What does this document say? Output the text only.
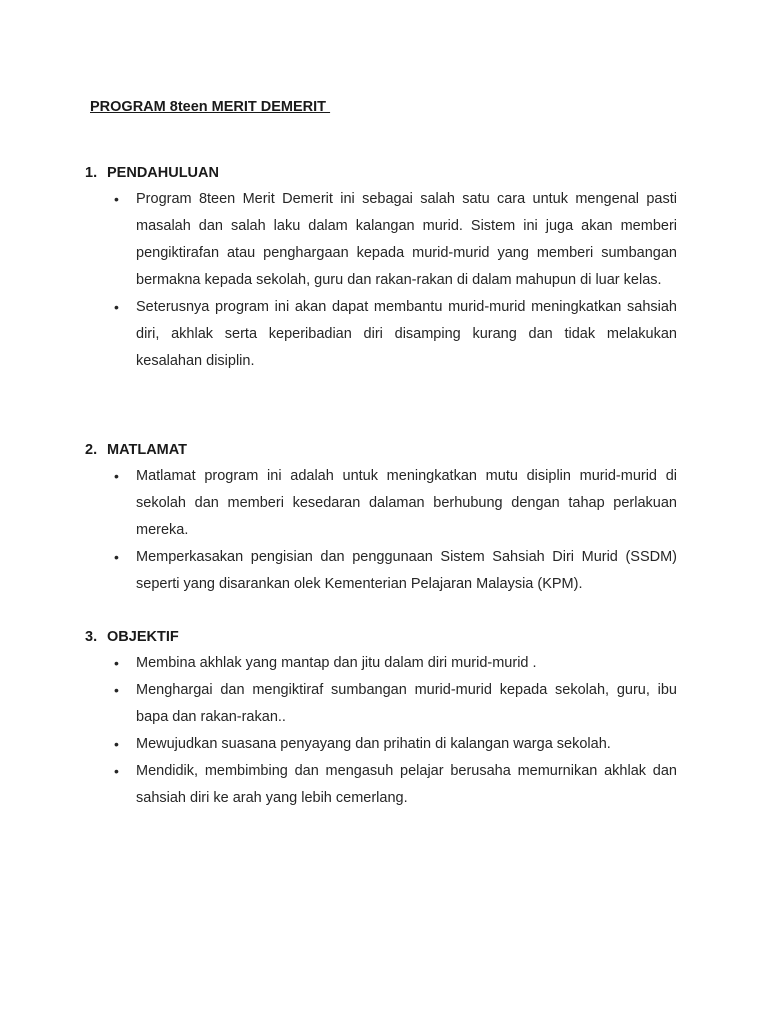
PROGRAM 8teen MERIT DEMERIT
1. PENDAHULUAN
• Program 8teen Merit Demerit ini sebagai salah satu cara untuk mengenal pasti masalah dan salah laku dalam kalangan murid. Sistem ini juga akan memberi pengiktirafan atau penghargaan kepada murid-murid yang memberi sumbangan bermakna kepada sekolah, guru dan rakan-rakan di dalam mahupun di luar kelas.
• Seterusnya program ini akan dapat membantu murid-murid meningkatkan sahsiah diri, akhlak serta keperibadian diri disamping kurang dan tidak melakukan kesalahan disiplin.
2. MATLAMAT
• Matlamat program ini adalah untuk meningkatkan mutu disiplin murid-murid di sekolah dan memberi kesedaran dalaman berhubung dengan tahap perlakuan mereka.
• Memperkasakan pengisian dan penggunaan Sistem Sahsiah Diri Murid (SSDM) seperti yang disarankan olek Kementerian Pelajaran Malaysia (KPM).
3. OBJEKTIF
• Membina akhlak yang mantap dan jitu dalam diri murid-murid .
• Menghargai dan mengiktiraf sumbangan murid-murid kepada sekolah, guru, ibu bapa dan rakan-rakan..
• Mewujudkan suasana penyayang dan prihatin di kalangan warga sekolah.
• Mendidik, membimbing dan mengasuh pelajar berusaha memurnikan akhlak dan sahsiah diri ke arah yang lebih cemerlang.
